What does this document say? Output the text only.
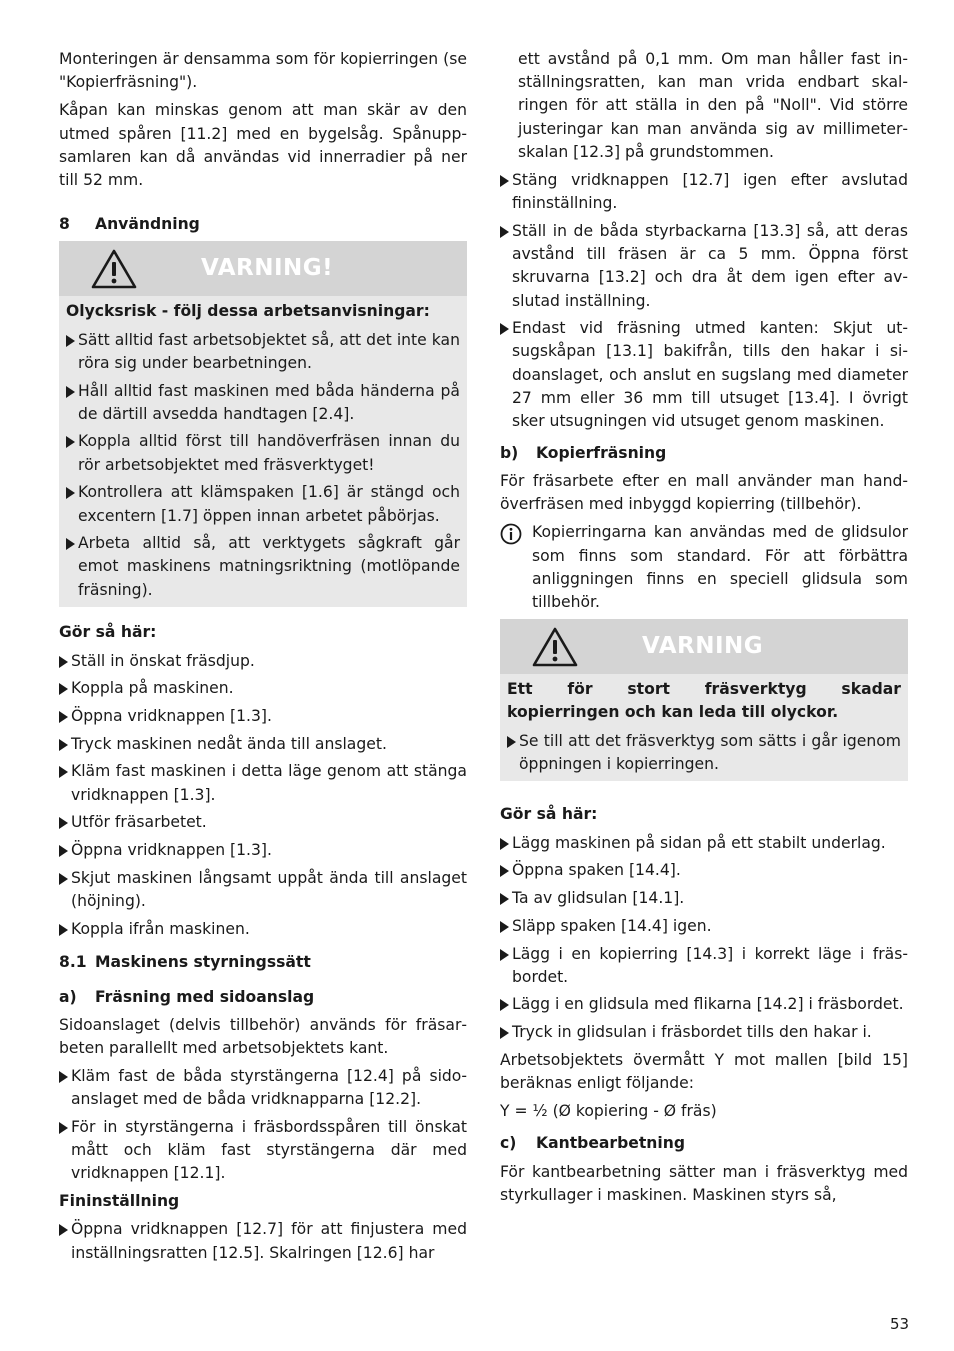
Monteringen är densamma som för kopierringen (se "Kopierfräsning").

Kåpan kan minskas genom att man skär av den utmed spåren [11.2] med en bygelsåg. Spånuppsamlaren kan då användas vid innerradier på ner till 52 mm.

8 Användning
VARNING!
Olycksrisk - följ dessa arbetsanvisningar:
Sätt alltid fast arbetsobjektet så, att det inte kan röra sig under bearbetningen.
Håll alltid fast maskinen med båda händerna på de därtill avsedda handtagen [2.4].
Koppla alltid först till handöverfräsen innan du rör arbetsobjektet med fräsverktyget!
Kontrollera att klämspaken [1.6] är stängd och excentern [1.7] öppen innan arbetet påbörjas.
Arbeta alltid så, att verktygets sågkraft går emot maskinens matningsriktning (motlöpande fräsning).
Gör så här:
Ställ in önskat fräsdjup.
Koppla på maskinen.
Öppna vridknappen [1.3].
Tryck maskinen nedåt ända till anslaget.
Kläm fast maskinen i detta läge genom att stänga vridknappen [1.3].
Utför fräsarbetet.
Öppna vridknappen [1.3].
Skjut maskinen långsamt uppåt ända till anslaget (höjning).
Koppla ifrån maskinen.
8.1 Maskinens styrningssätt
a) Fräsning med sidoanslag

Sidoanslaget (delvis tillbehör) används för fräsarbeten parallellt med arbetsobjektets kant.

Kläm fast de båda styrstängerna [12.4] på sidoanslaget med de båda vridknapparna [12.2].
För in styrstängerna i fräsbordsspåren till önskat mått och kläm fast styrstängerna där med vridknappen [12.1].
Fininställning
Öppna vridknappen [12.7] för att finjustera med inställningsratten [12.5]. Skalringen [12.6] har

ett avstånd på 0,1 mm. Om man håller fast inställningsratten, kan man vrida endbart skalringen för att ställa in den på "Noll". Vid större justeringar kan man använda sig av millimeterskalan [12.3] på grundstommen.

Stäng vridknappen [12.7] igen efter avslutad fininställning.
Ställ in de båda styrbackarna [13.3] så, att deras avstånd till fräsen är ca 5 mm. Öppna först skruvarna [13.2] och dra åt dem igen efter avslutad inställning.
Endast vid fräsning utmed kanten: Skjut utsugskåpan [13.1] bakifrån, tills den hakar i sidoanslaget, och anslut en sugslang med diameter 27 mm eller 36 mm till utsuget [13.4]. I övrigt sker utsugningen vid utsuget genom maskinen.
b) Kopierfräsning

För fräsarbete efter en mall använder man handöverfräsen med inbyggd kopierring (tillbehör).

Kopierringarna kan användas med de glidsulor som finns som standard. För att förbättra anliggningen finns en speciell glidsula som tillbehör.
VARNING
Ett för stort fräsverktyg skadar kopierringen och kan leda till olyckor.
Se till att det fräsverktyg som sätts i går igenom öppningen i kopierringen.
Gör så här:
Lägg maskinen på sidan på ett stabilt underlag.
Öppna spaken [14.4].
Ta av glidsulan [14.1].
Släpp spaken [14.4] igen.
Lägg i en kopierring [14.3] i korrekt läge i fräsbordet.
Lägg i en glidsula med flikarna [14.2] i fräsbordet.
Tryck in glidsulan i fräsbordet tills den hakar i.

Arbetsobjektets övermått Y mot mallen [bild 15] beräknas enligt följande:

Y = ½ (Ø kopiering - Ø fräs)

c) Kantbearbetning

För kantbearbetning sätter man i fräsverktyg med styrkullager i maskinen. Maskinen styrs så,

53
